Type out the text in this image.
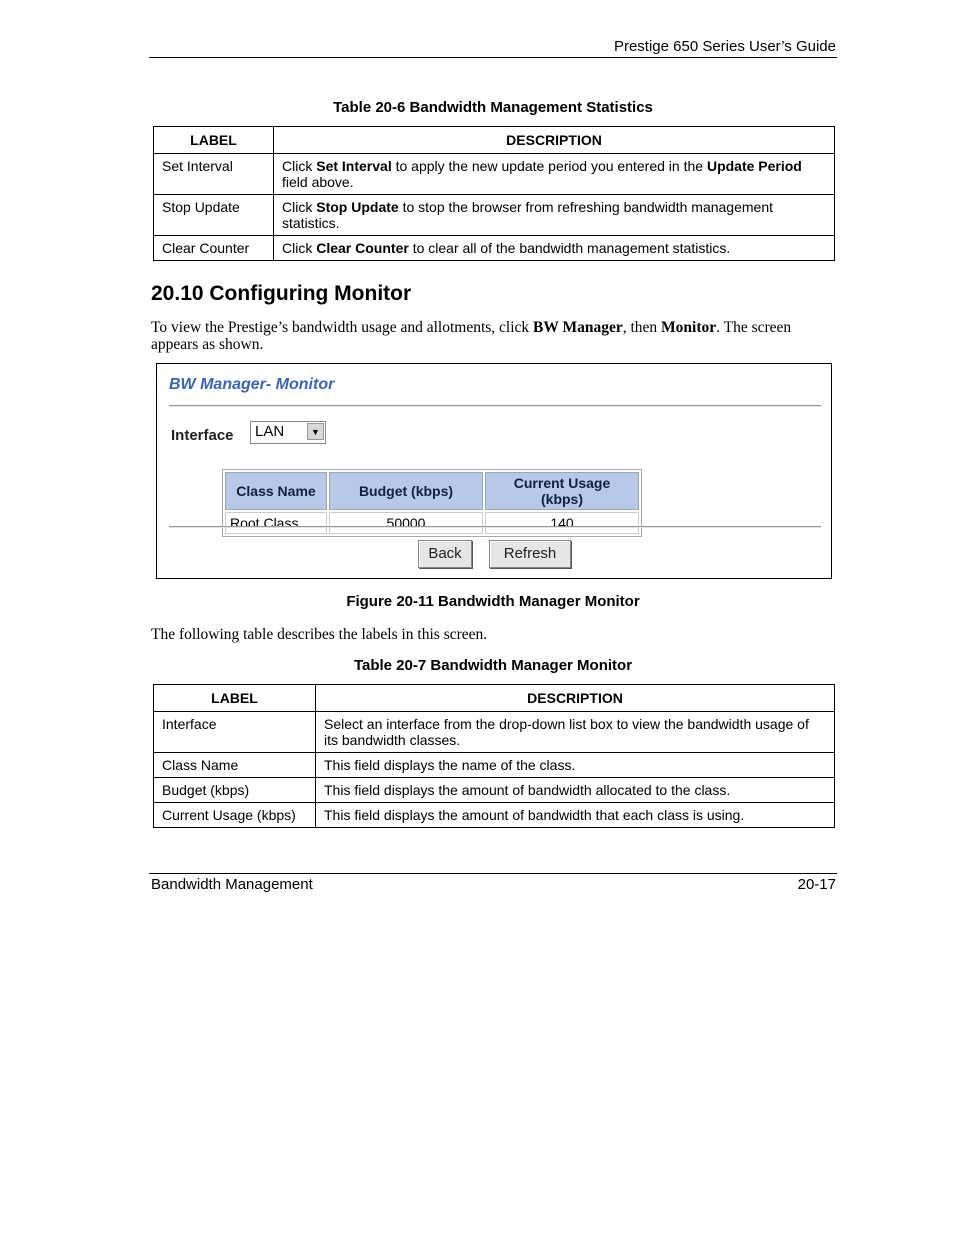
Prestige 650 Series User’s Guide
Table 20-6 Bandwidth Management Statistics
LABEL	DESCRIPTION
Set Interval	Click Set Interval to apply the new update period you entered in the Update Period field above.
Stop Update	Click Stop Update to stop the browser from refreshing bandwidth management statistics.
Clear Counter	Click Clear Counter to clear all of the bandwidth management statistics.
20.10 Configuring Monitor
To view the Prestige’s bandwidth usage and allotments, click BW Manager, then Monitor. The screen appears as shown.
BW Manager- Monitor
Interface LAN	▼
Class Name	Budget (kbps)	Current Usage (kbps)
Root Class	50000	140
Back	Refresh
Figure 20-11 Bandwidth Manager Monitor
The following table describes the labels in this screen.
Table 20-7 Bandwidth Manager Monitor
LABEL	DESCRIPTION
Interface	Select an interface from the drop-down list box to view the bandwidth usage of its bandwidth classes.
Class Name	This field displays the name of the class.
Budget (kbps)	This field displays the amount of bandwidth allocated to the class.
Current Usage (kbps)	This field displays the amount of bandwidth that each class is using.
Bandwidth Management	20-17
